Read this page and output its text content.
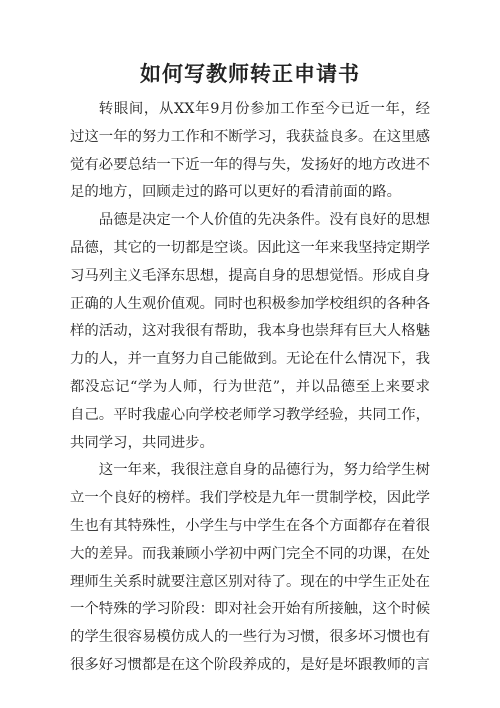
如何写教师转正申请书

转眼间，从XX年9月份参加工作至今已近一年，经过这一年的努力工作和不断学习，我获益良多。在这里感觉有必要总结一下近一年的得与失，发扬好的地方改进不足的地方，回顾走过的路可以更好的看清前面的路。

品德是决定一个人价值的先决条件。没有良好的思想品德，其它的一切都是空谈。因此这一年来我坚持定期学习马列主义毛泽东思想，提高自身的思想觉悟。形成自身正确的人生观价值观。同时也积极参加学校组织的各种各样的活动，这对我很有帮助，我本身也崇拜有巨大人格魅力的人，并一直努力自己能做到。无论在什么情况下，我都没忘记“学为人师，行为世范”，并以品德至上来要求自己。平时我虚心向学校老师学习教学经验，共同工作，共同学习，共同进步。

这一年来，我很注意自身的品德行为，努力给学生树立一个良好的榜样。我们学校是九年一贯制学校，因此学生也有其特殊性，小学生与中学生在各个方面都存在着很大的差异。而我兼顾小学初中两门完全不同的功课，在处理师生关系时就要注意区别对待了。现在的中学生正处在一个特殊的学习阶段：即对社会开始有所接触，这个时候的学生很容易模仿成人的一些行为习惯，很多坏习惯也有很多好习惯都是在这个阶段养成的，是好是坏跟教师的言
